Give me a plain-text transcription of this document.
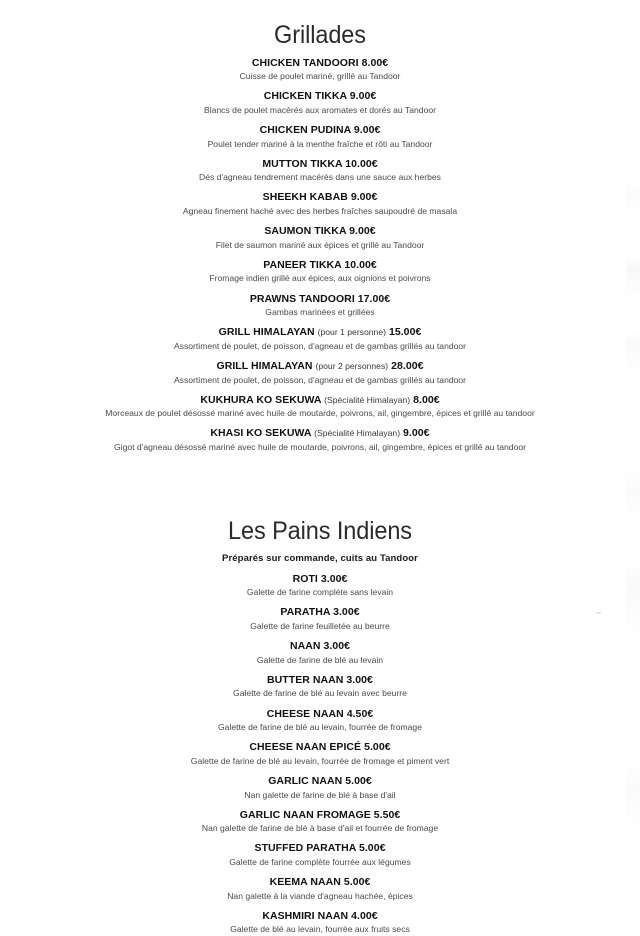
Grillades

CHICKEN TANDOORI 8.00€

Cuisse de poulet mariné, grillé au Tandoor

CHICKEN TIKKA 9.00€

Blancs de poulet macérés aux aromates et dorés au Tandoor

CHICKEN PUDINA 9.00€

Poulet tender mariné à la menthe fraîche et rôti au Tandoor

MUTTON TIKKA 10.00€

Dés d'agneau tendrement macérés dans une sauce aux herbes

SHEEKH KABAB 9.00€

Agneau finement haché avec des herbes fraîches saupoudré de masala

SAUMON TIKKA 9.00€

Filet de saumon mariné aux épices et grillé au Tandoor

PANEER TIKKA 10.00€

Fromage indien grillé aux épices, aux oignions et poivrons

PRAWNS TANDOORI 17.00€

Gambas marinées et grillées

GRILL HIMALAYAN (pour 1 personne) 15.00€

Assortiment de poulet, de poisson, d'agneau et de gambas grillés au tandoor

GRILL HIMALAYAN (pour 2 personnes) 28.00€

Assortiment de poulet, de poisson, d'agneau et de gambas grillés au tandoor

KUKHURA KO SEKUWA (Spécialité Himalayan) 8.00€

Morceaux de poulet désossé mariné avec huile de moutarde, poivrons, ail, gingembre, épices et grillé au tandoor

KHASI KO SEKUWA (Spécialité Himalayan) 9.00€

Gigot d'agneau désossé mariné avec huile de moutarde, poivrons, ail, gingembre, épices et grillé au tandoor

Les Pains Indiens

Préparés sur commande, cuits au Tandoor

ROTI 3.00€

Galette de farine complète sans levain

PARATHA 3.00€

Galette de farine feuilletée au beurre

NAAN 3.00€

Galette de farine de blé au levain

BUTTER NAAN 3.00€

Galette de farine de blé au levain avec beurre

CHEESE NAAN 4.50€

Galette de farine de blé au levain, fourrée de fromage

CHEESE NAAN EPICÉ 5.00€

Galette de farine de blé au levain, fourrée de fromage et piment vert

GARLIC NAAN 5.00€

Nan galette de farine de blé à base d'ail

GARLIC NAAN FROMAGE 5.50€

Nan galette de farine de blé à base d'ail et fourrée de fromage

STUFFED PARATHA 5.00€

Galette de farine complète fourrée aux légumes

KEEMA NAAN 5.00€

Nan galette à la viande d'agneau hachée, épices

KASHMIRI NAAN 4.00€

Galette de blé au levain, fourrée aux fruits secs
